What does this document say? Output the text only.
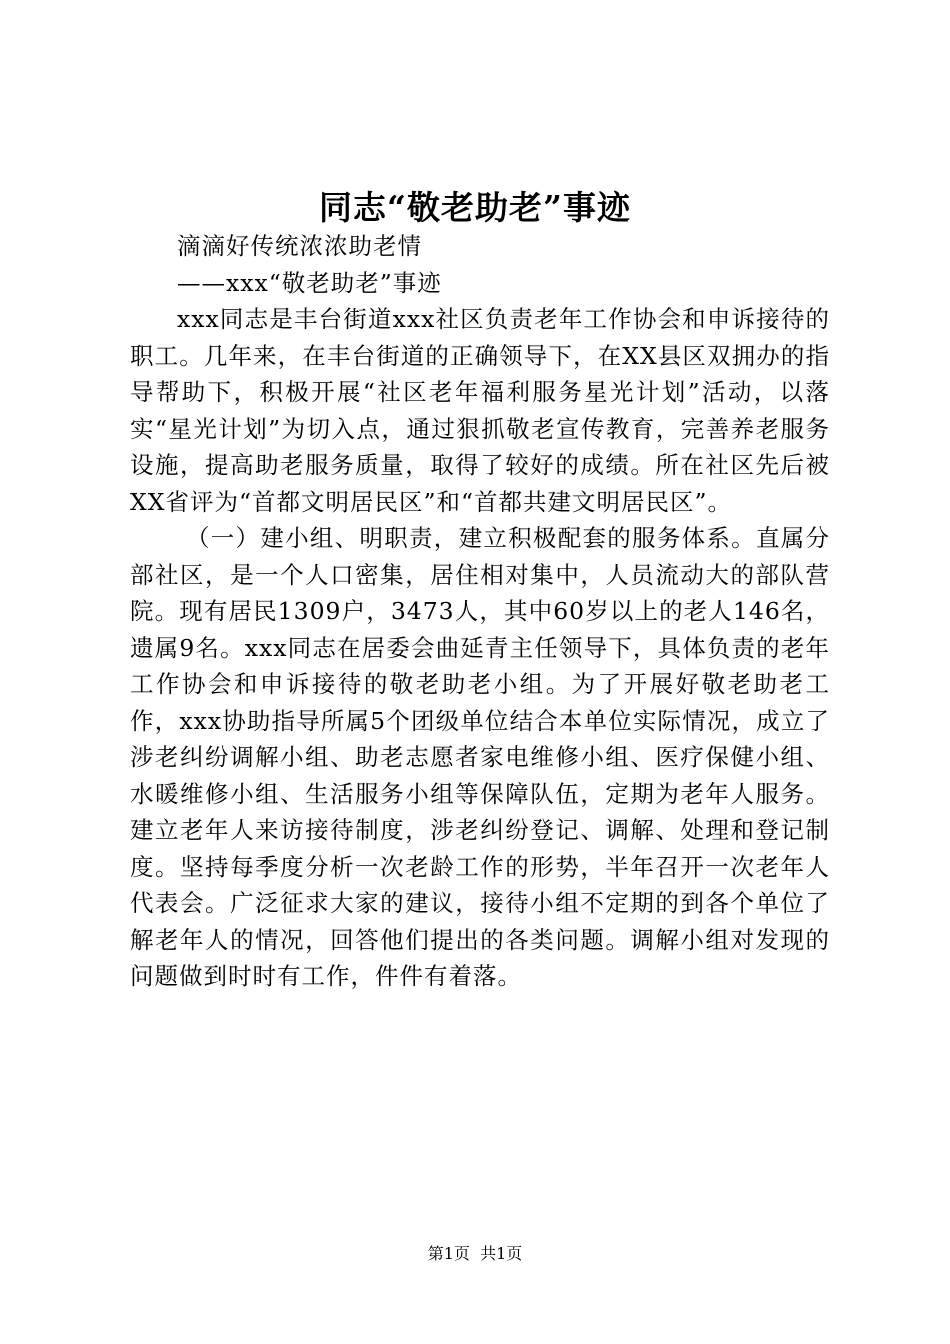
同志“敬老助老”事迹

滴滴好传统浓浓助老情

——xxx“敬老助老”事迹

xxx同志是丰台街道xxx社区负责老年工作协会和申诉接待的职工。几年来，在丰台街道的正确领导下，在XX县区双拥办的指导帮助下，积极开展“社区老年福利服务星光计划”活动，以落实“星光计划”为切入点，通过狠抓敬老宣传教育，完善养老服务设施，提高助老服务质量，取得了较好的成绩。所在社区先后被XX省评为“首都文明居民区”和“首都共建文明居民区”。

（一）建小组、明职责，建立积极配套的服务体系。直属分部社区，是一个人口密集，居住相对集中，人员流动大的部队营院。现有居民1309户，3473人，其中60岁以上的老人146名，遗属9名。xxx同志在居委会曲延青主任领导下，具体负责的老年工作协会和申诉接待的敬老助老小组。为了开展好敬老助老工作，xxx协助指导所属5个团级单位结合本单位实际情况，成立了涉老纠纷调解小组、助老志愿者家电维修小组、医疗保健小组、水暖维修小组、生活服务小组等保障队伍，定期为老年人服务。建立老年人来访接待制度，涉老纠纷登记、调解、处理和登记制度。坚持每季度分析一次老龄工作的形势，半年召开一次老年人代表会。广泛征求大家的建议，接待小组不定期的到各个单位了解老年人的情况，回答他们提出的各类问题。调解小组对发现的问题做到时时有工作，件件有着落。

第1页  共1页
